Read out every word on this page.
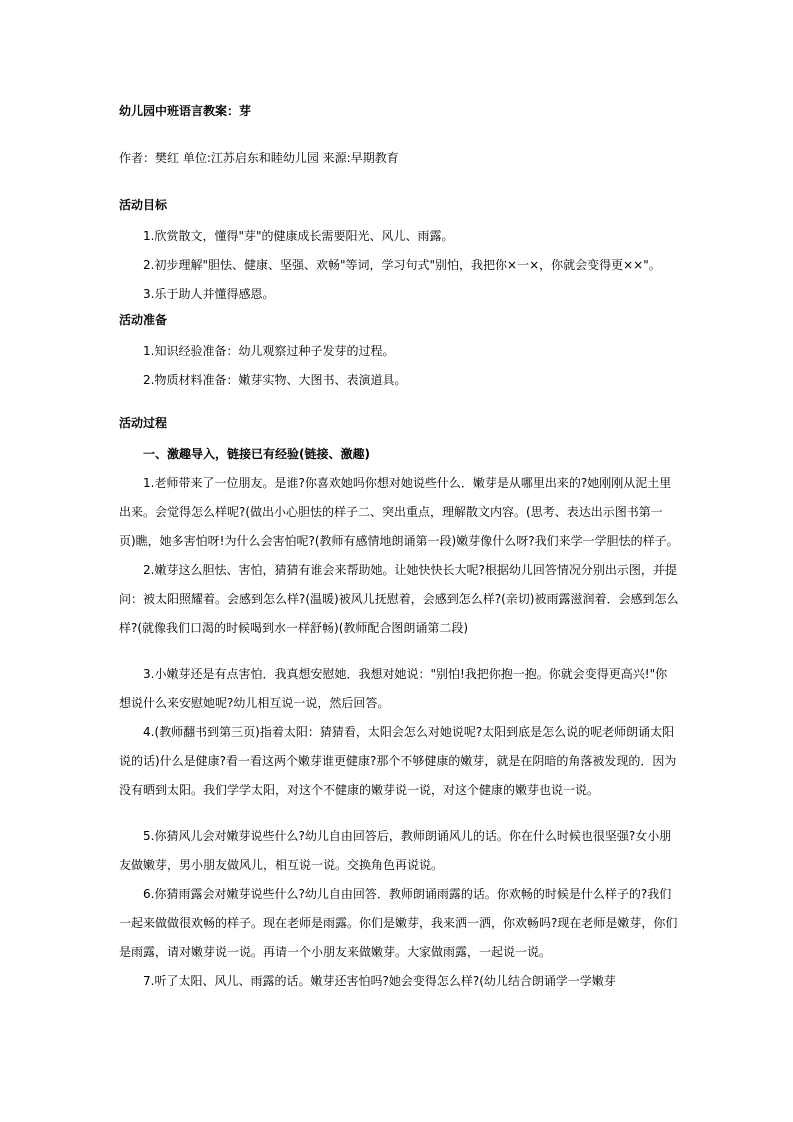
幼儿园中班语言教案：芽
作者：樊红 单位:江苏启东和睦幼儿园 来源:早期教育
活动目标
1.欣赏散文，懂得"芽"的健康成长需要阳光、风儿、雨露。
2.初步理解"胆怯、健康、坚强、欢畅"等词，学习句式"别怕，我把你×一×，你就会变得更××"。
3.乐于助人并懂得感恩。
活动准备
1.知识经验准备：幼儿观察过种子发芽的过程。
2.物质材料准备：嫩芽实物、大图书、表演道具。
活动过程
一、激趣导入，链接已有经验(链接、激趣)
1.老师带来了一位朋友。是谁?你喜欢她吗你想对她说些什么．嫩芽是从哪里出来的?她刚刚从泥土里出来。会觉得怎么样呢?(做出小心胆怯的样子二、突出重点，理解散文内容。(思考、表达出示图书第一页)瞧，她多害怕呀!为什么会害怕呢?(教师有感情地朗诵第一段)嫩芽像什么呀?我们来学一学胆怯的样子。
2.嫩芽这么胆怯、害怕，猜猜有谁会来帮助她。让她快快长大呢?根据幼儿回答情况分别出示图，并提问：被太阳照耀着。会感到怎么样?(温暖)被风儿抚慰着，会感到怎么样?(亲切)被雨露滋润着．会感到怎么样?(就像我们口渴的时候喝到水一样舒畅)(教师配合图朗诵第二段)
3.小嫩芽还是有点害怕．我真想安慰她．我想对她说："别怕!我把你抱一抱。你就会变得更高兴!"你想说什么来安慰她呢?幼儿相互说一说，然后回答。
4.(教师翻书到第三页)指着太阳：猜猜看，太阳会怎么对她说呢?太阳到底是怎么说的呢老师朗诵太阳说的话)什么是健康?看一看这两个嫩芽谁更健康?那个不够健康的嫩芽，就是在阴暗的角落被发现的．因为没有晒到太阳。我们学学太阳，对这个不健康的嫩芽说一说，对这个健康的嫩芽也说一说。
5.你猜风儿会对嫩芽说些什么?幼儿自由回答后，教师朗诵风儿的话。你在什么时候也很坚强?女小朋友做嫩芽，男小朋友做风儿，相互说一说。交换角色再说说。
6.你猜雨露会对嫩芽说些什么?幼儿自由回答．教师朗诵雨露的话。你欢畅的时候是什么样子的?我们一起来做做很欢畅的样子。现在老师是雨露。你们是嫩芽，我来洒一洒，你欢畅吗?现在老师是嫩芽，你们是雨露，请对嫩芽说一说。再请一个小朋友来做嫩芽。大家做雨露，一起说一说。
7.听了太阳、风儿、雨露的话。嫩芽还害怕吗?她会变得怎么样?(幼儿结合朗诵学一学嫩芽
